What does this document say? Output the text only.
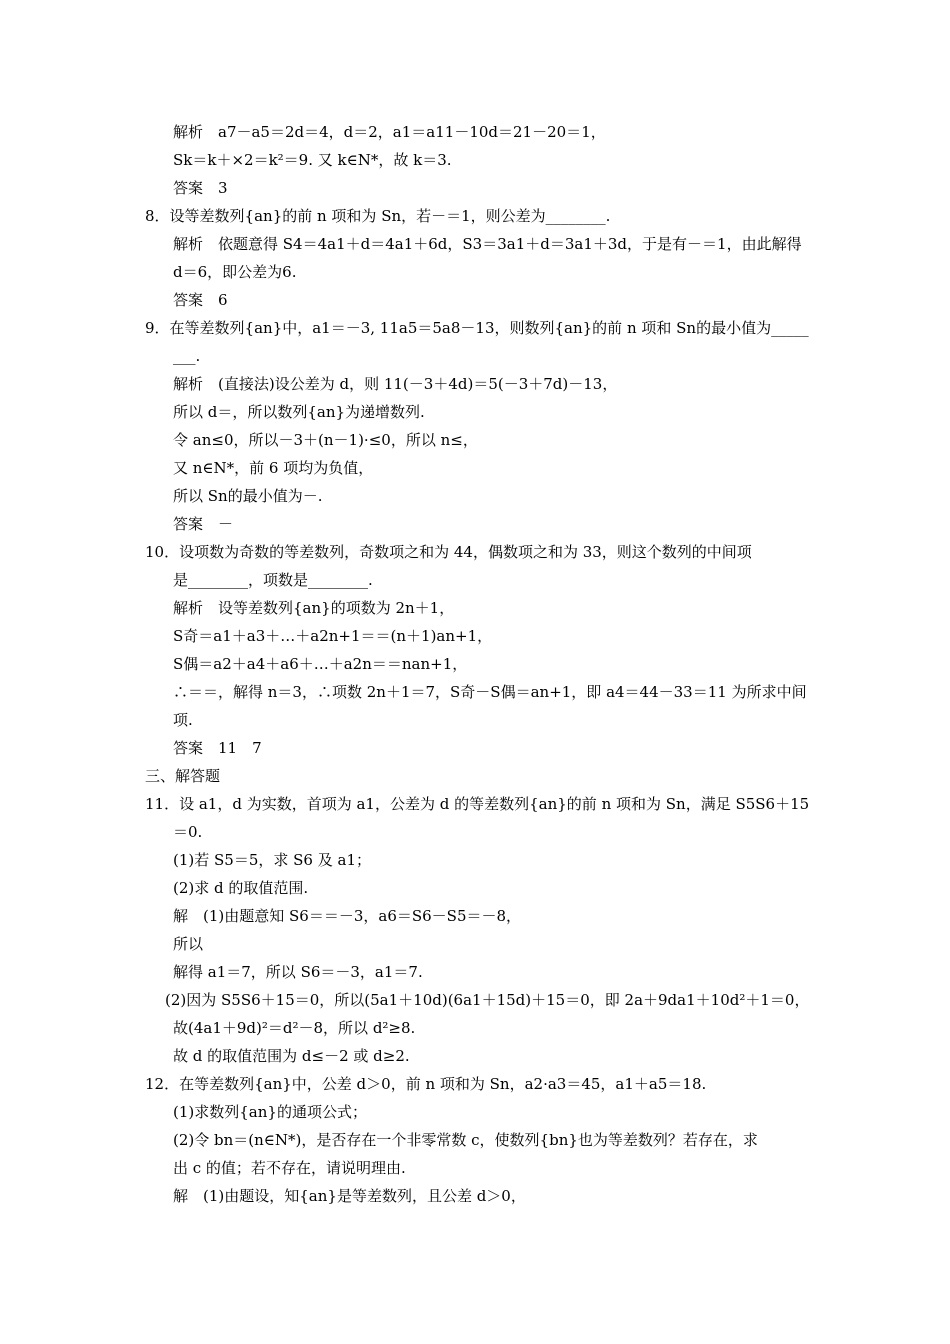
解析　a7－a5＝2d＝4，d＝2，a1＝a11－10d＝21－20＝1，
Sk＝k＋×2＝k²＝9. 又 k∈N*，故 k＝3.
答案　3
8．设等差数列{an}的前 n 项和为 Sn，若－＝1，则公差为________.
解析　依题意得 S4＝4a1＋d＝4a1＋6d，S3＝3a1＋d＝3a1＋3d，于是有－＝1，由此解得
d＝6，即公差为6.
答案　6
9．在等差数列{an}中，a1＝－3, 11a5＝5a8－13，则数列{an}的前 n 项和 Sn的最小值为_____
___.
解析　(直接法)设公差为 d，则 11(－3＋4d)＝5(－3＋7d)－13，
所以 d＝，所以数列{an}为递增数列.
令 an≤0，所以－3＋(n－1)·≤0，所以 n≤，
又 n∈N*，前 6 项均为负值，
所以 Sn的最小值为－.
答案　－
10．设项数为奇数的等差数列，奇数项之和为 44，偶数项之和为 33，则这个数列的中间项
是________，项数是________.
解析　设等差数列{an}的项数为 2n＋1，
S奇＝a1＋a3＋…＋a2n+1＝＝(n＋1)an+1，
S偶＝a2＋a4＋a6＋…＋a2n＝＝nan+1，
∴＝＝，解得 n＝3，∴项数 2n＋1＝7，S奇－S偶＝an+1，即 a4＝44－33＝11 为所求中间
项.
答案　11　7
三、解答题
11．设 a1，d 为实数，首项为 a1，公差为 d 的等差数列{an}的前 n 项和为 Sn，满足 S5S6＋15
＝0.
(1)若 S5＝5，求 S6 及 a1；
(2)求 d 的取值范围.
解　(1)由题意知 S6＝＝－3，a6＝S6－S5＝－8，
所以
解得 a1＝7，所以 S6＝－3，a1＝7.
(2)因为 S5S6＋15＝0，所以(5a1＋10d)(6a1＋15d)＋15＝0，即 2a＋9da1＋10d²＋1＝0，
故(4a1＋9d)²＝d²－8，所以 d²≥8.
故 d 的取值范围为 d≤－2 或 d≥2.
12．在等差数列{an}中，公差 d＞0，前 n 项和为 Sn，a2·a3＝45，a1＋a5＝18.
(1)求数列{an}的通项公式；
(2)令 bn＝(n∈N*)，是否存在一个非零常数 c，使数列{bn}也为等差数列？若存在，求
出 c 的值；若不存在，请说明理由.
解　(1)由题设，知{an}是等差数列，且公差 d＞0，
